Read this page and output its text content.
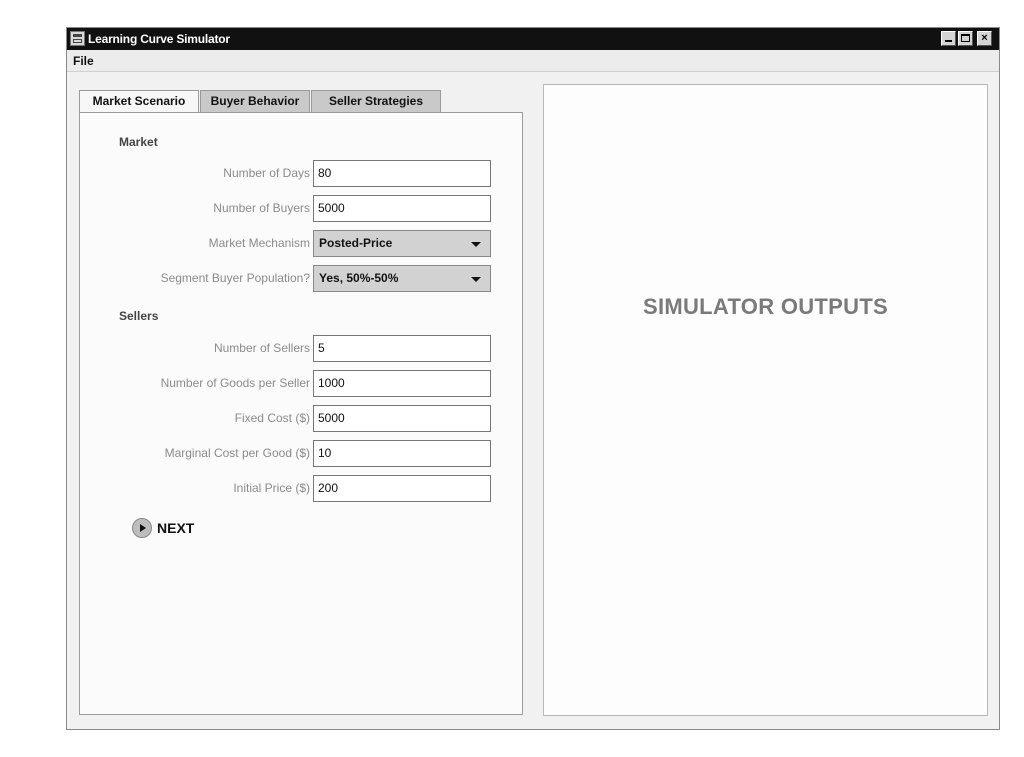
Learning Curve Simulator	×
File
Market Scenario	Buyer Behavior	Seller Strategies
Market
Number of Days 80
Number of Buyers 5000
Market Mechanism Posted-Price
Segment Buyer Population? Yes, 50%-50%
Sellers
Number of Sellers 5
Number of Goods per Seller 1000
Fixed Cost ($) 5000
Marginal Cost per Good ($) 10
Initial Price ($) 200
NEXT
SIMULATOR OUTPUTS
